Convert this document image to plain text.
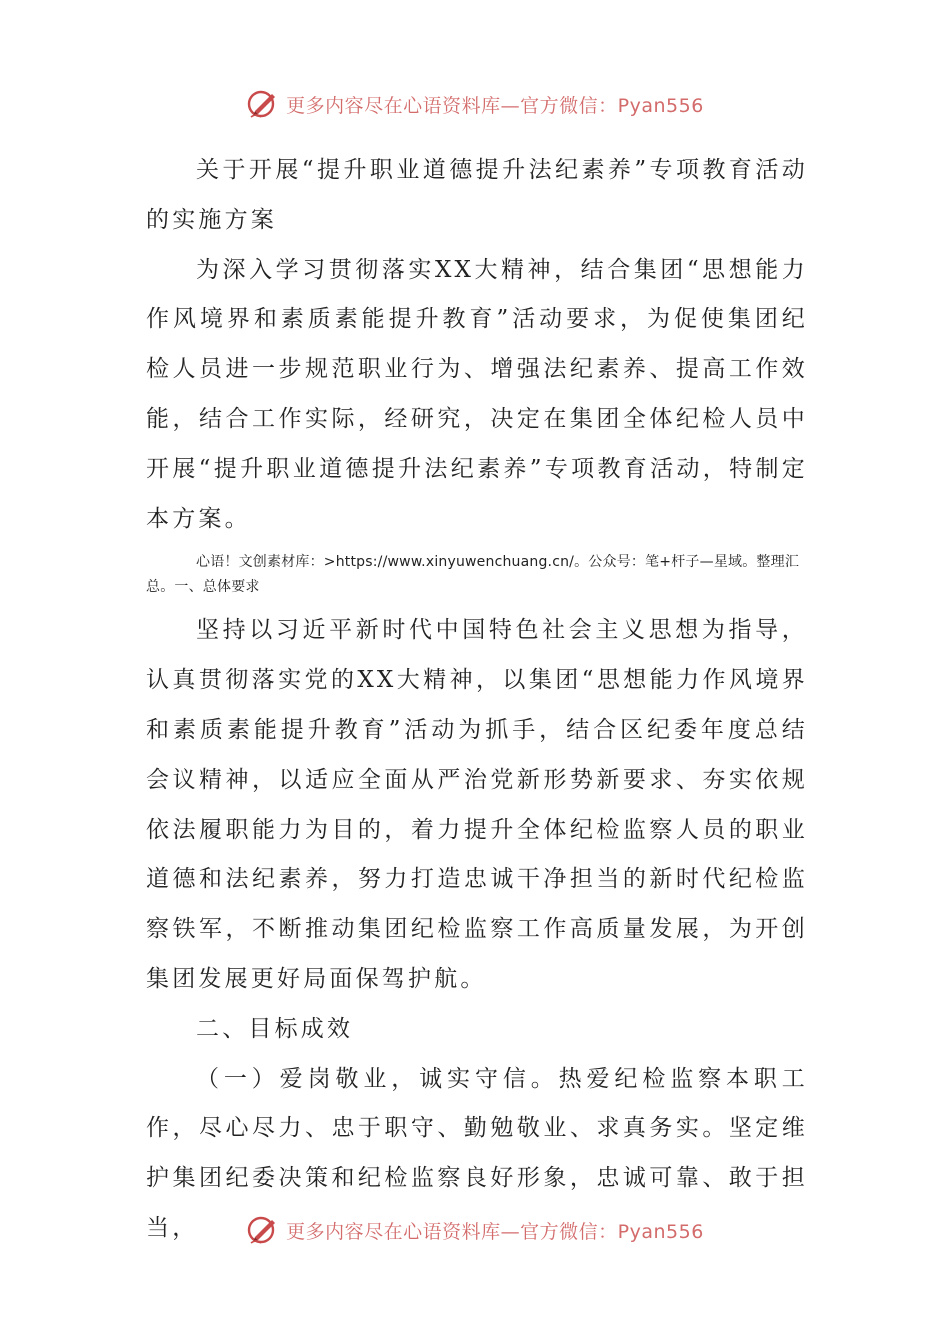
更多内容尽在心语资料库—官方微信：Pyan556

关于开展“提升职业道德提升法纪素养”专项教育活动的实施方案

为深入学习贯彻落实XX大精神，结合集团“思想能力作风境界和素质素能提升教育”活动要求，为促使集团纪检人员进一步规范职业行为、增强法纪素养、提高工作效能，结合工作实际，经研究，决定在集团全体纪检人员中开展“提升职业道德提升法纪素养”专项教育活动，特制定本方案。

心语！文创素材库：>https://www.xinyuwenchuang.cn/。公众号：笔+杆子—星域。整理汇总。一、总体要求

坚持以习近平新时代中国特色社会主义思想为指导，认真贯彻落实党的XX大精神，以集团“思想能力作风境界和素质素能提升教育”活动为抓手，结合区纪委年度总结会议精神，以适应全面从严治党新形势新要求、夯实依规依法履职能力为目的，着力提升全体纪检监察人员的职业道德和法纪素养，努力打造忠诚干净担当的新时代纪检监察铁军，不断推动集团纪检监察工作高质量发展，为开创集团发展更好局面保驾护航。

二、目标成效

（一）爱岗敬业，诚实守信。热爱纪检监察本职工作，尽心尽力、忠于职守、勤勉敬业、求真务实。坚定维护集团纪委决策和纪检监察良好形象，忠诚可靠、敢于担当，	更多内容尽在心语资料库—官方微信：Pyan556
